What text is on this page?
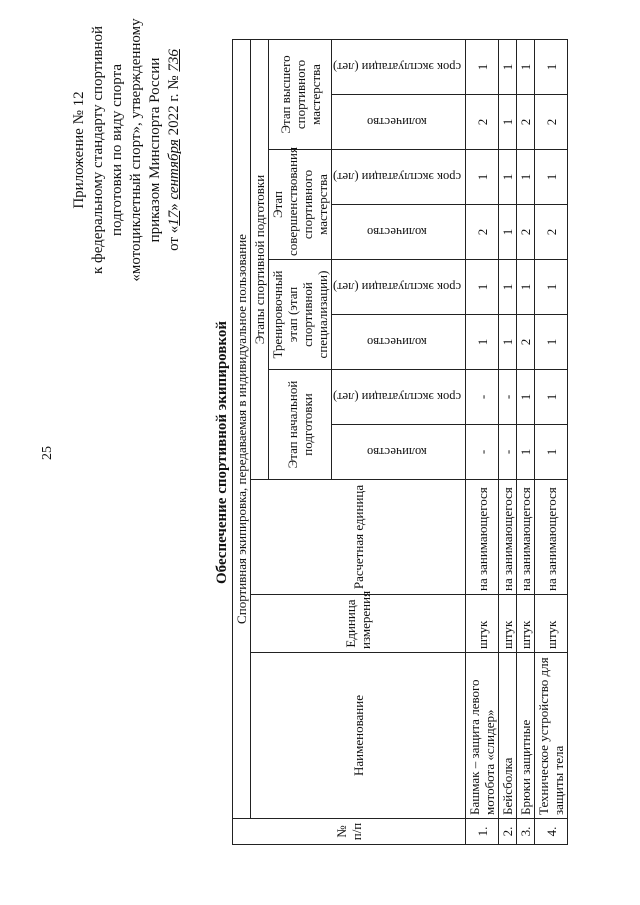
25
Приложение № 12 к федеральному стандарту спортивной подготовки по виду спорта «мотоциклетный спорт», утвержденному приказом Минспорта России от «17» сентября 2022 г. № 736
Обеспечение спортивной экипировкой
№ п/п	Спортивная экипировка, передаваемая в индивидуальное пользование										
	Наименование	Единица измерения	Расчетная единица	Этапы спортивной подготовки							
				Этап начальной подготовки		Тренировочный этап (этап спортивной специализации)		Этап совершенствования спортивного мастерства		Этап высшего спортивного мастерства	
				количество	срок эксплуатации (лет)	количество	срок эксплуатации (лет)	количество	срок эксплуатации (лет)	количество	срок эксплуатации (лет)
1.	Башмак – защита левого мотобота «слидер»	штук	на занимающегося	-	-	1	1	2	1	2	1
2.	Бейсболка	штук	на занимающегося	-	-	1	1	1	1	1	1
3.	Брюки защитные	штук	на занимающегося	1	1	2	1	2	1	2	1
4.	Техническое устройство для защиты тела	штук	на занимающегося	1	1	1	1	2	1	2	1
